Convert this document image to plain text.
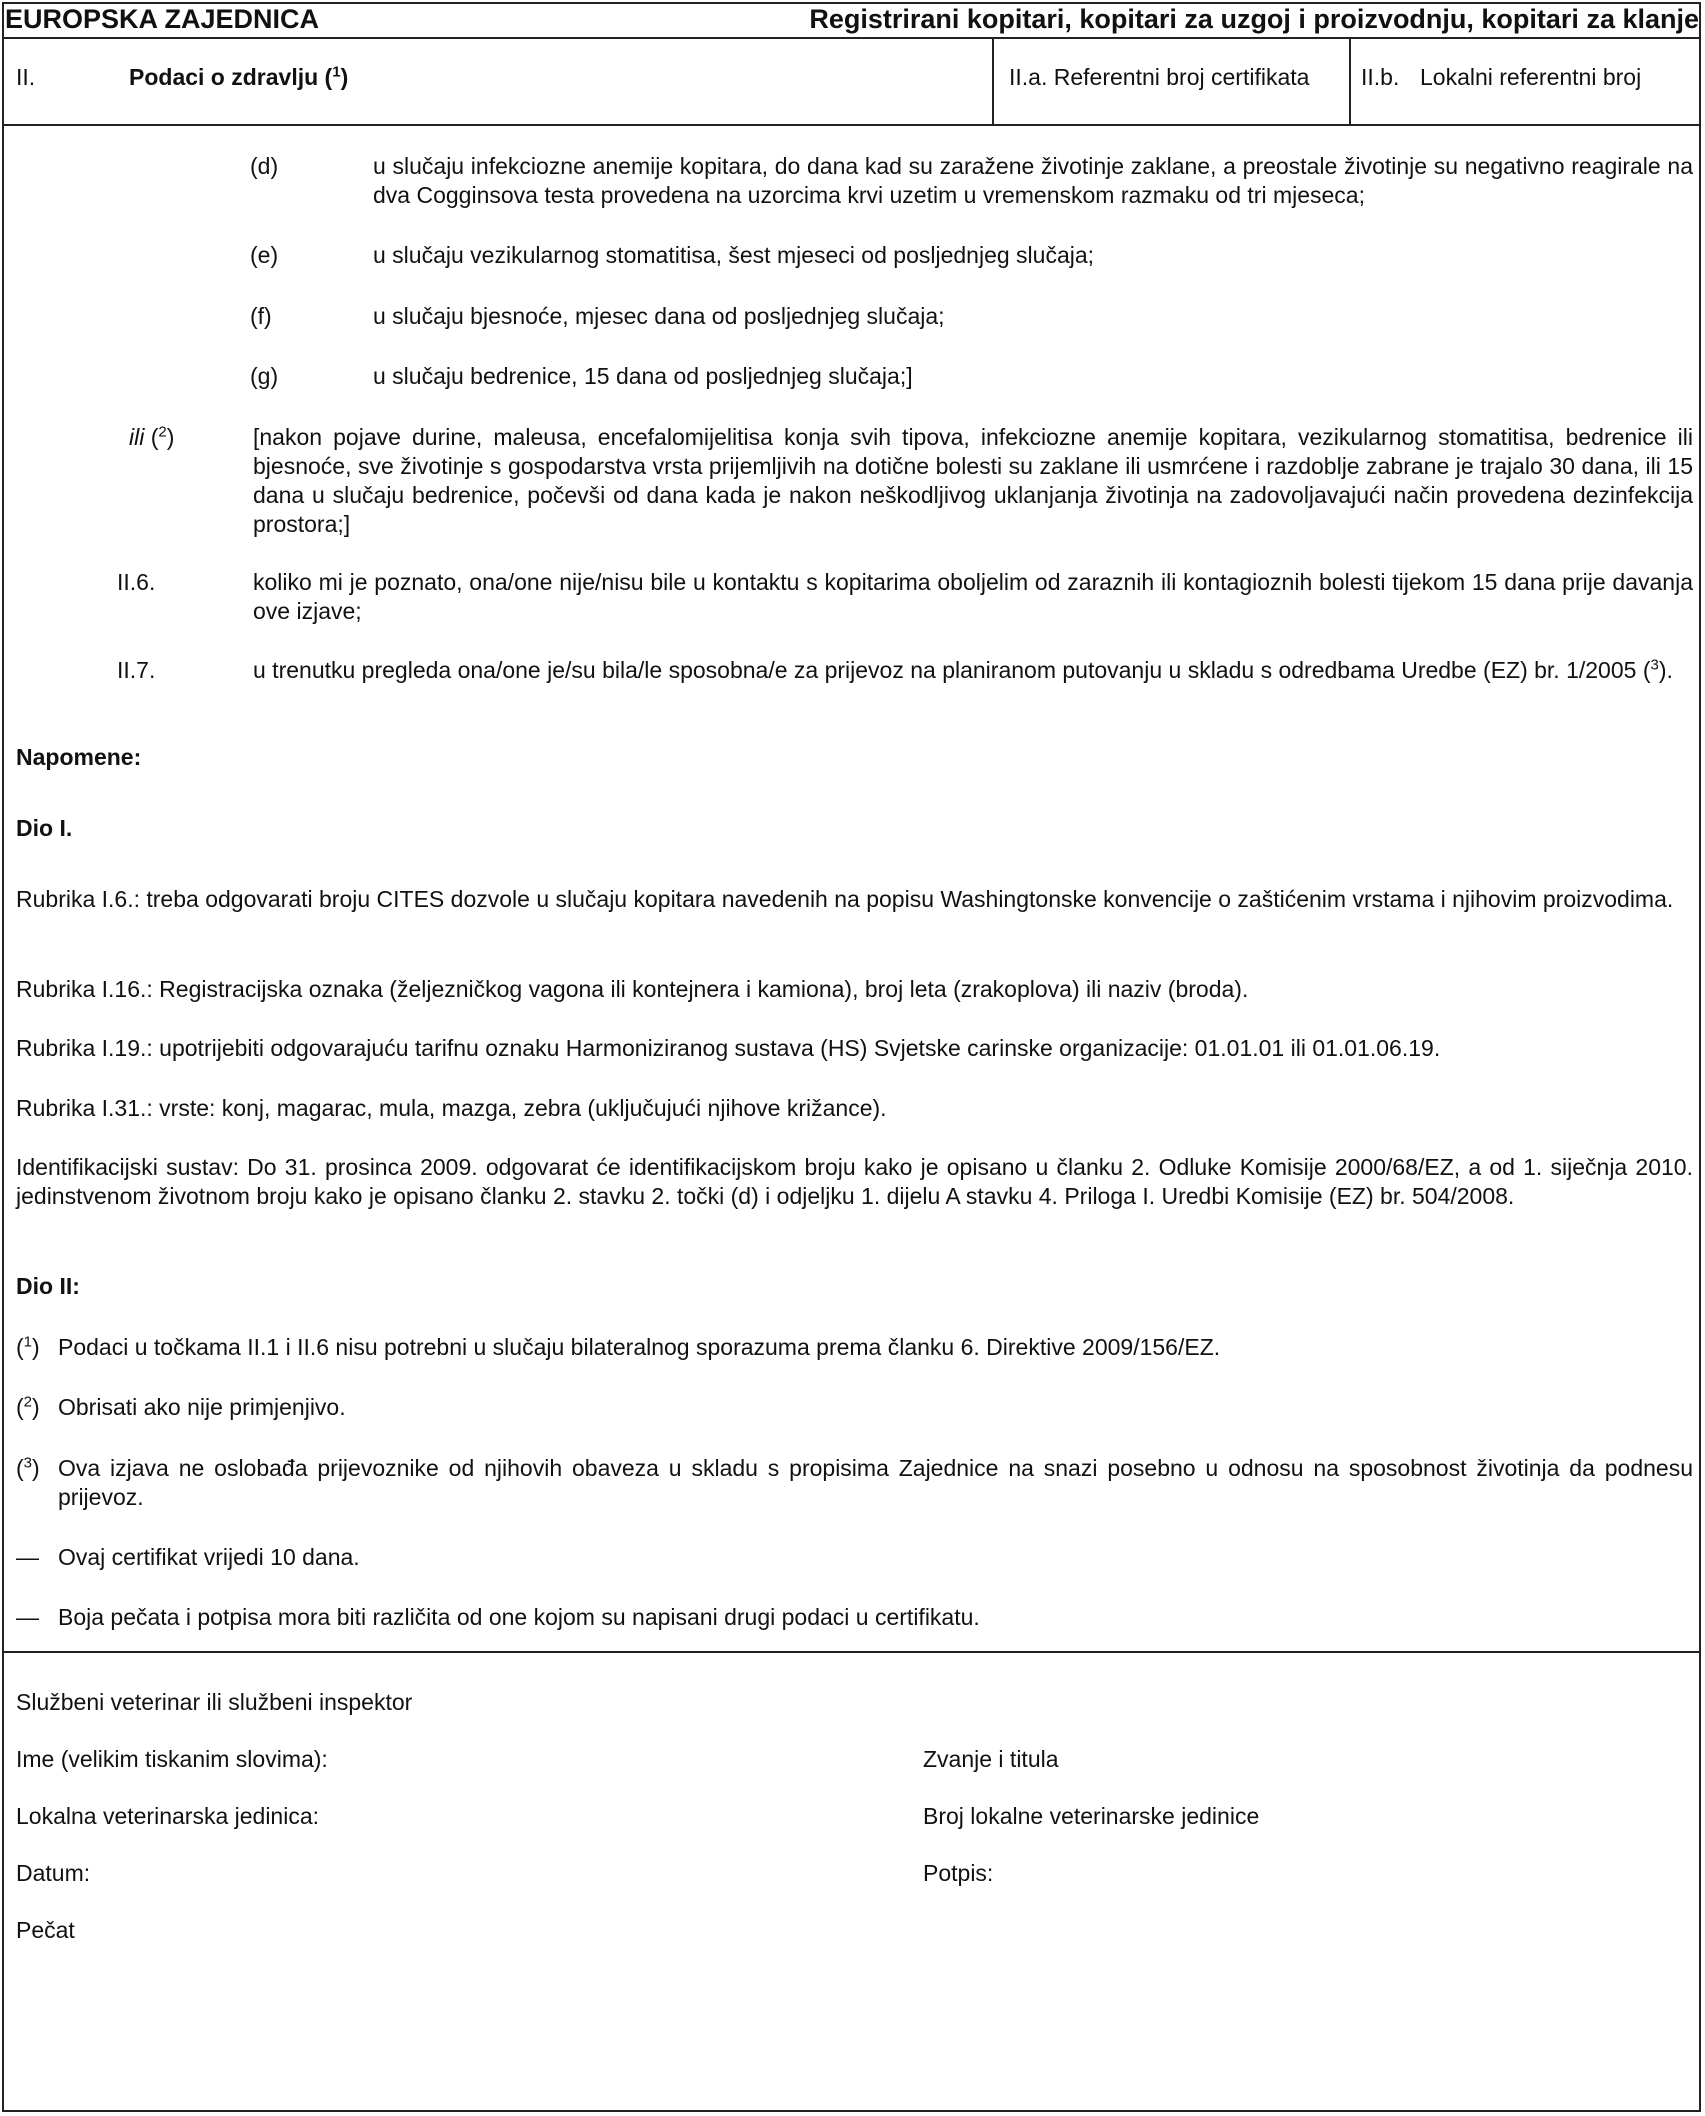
EUROPSKA ZAJEDNICA	Registrirani kopitari, kopitari za uzgoj i proizvodnju, kopitari za klanje
II.	Podaci o zdravlju ($^1$)	II.a. Referentni broj certifikata II.b. Lokalni referentni broj
(d)	u slučaju infekciozne anemije kopitara, do dana kad su zaražene životinje zaklane, a preostale životinje su negativno reagirale na dva Cogginsova testa provedena na uzorcima krvi uzetim u vremenskom razmaku od tri mjeseca;
(e)	u slučaju vezikularnog stomatitisa, šest mjeseci od posljednjeg slučaja;
(f)	u slučaju bjesnoće, mjesec dana od posljednjeg slučaja;
(g)	u slučaju bedrenice, 15 dana od posljednjeg slučaja;]
ili ($^2$)	[nakon pojave durine, maleusa, encefalomijelitisa konja svih tipova, infekciozne anemije kopitara, vezikularnog stomatitisa, bedrenice ili bjesnoće, sve životinje s gospodarstva vrsta prijemljivih na dotične bolesti su zaklane ili usmrćene i razdoblje zabrane je trajalo 30 dana, ili 15 dana u slučaju bedrenice, počevši od dana kada je nakon neškodljivog uklanjanja životinja na zadovoljavajući način provedena dezinfekcija prostora;]
II.6.	koliko mi je poznato, ona/one nije/nisu bile u kontaktu s kopitarima oboljelim od zaraznih ili kontagioznih bolesti tijekom 15 dana prije davanja ove izjave;
II.7.	u trenutku pregleda ona/one je/su bila/le sposobna/e za prijevoz na planiranom putovanju u skladu s odredbama Uredbe (EZ) br. 1/2005 ($^3$).
Napomene:
Dio I.
Rubrika I.6.: treba odgovarati broju CITES dozvole u slučaju kopitara navedenih na popisu Washingtonske konvencije o zaštićenim vrstama i njihovim proizvodima.
Rubrika I.16.: Registracijska oznaka (željezničkog vagona ili kontejnera i kamiona), broj leta (zrakoplova) ili naziv (broda).
Rubrika I.19.: upotrijebiti odgovarajuću tarifnu oznaku Harmoniziranog sustava (HS) Svjetske carinske organizacije: 01.01.01 ili 01.01.06.19.
Rubrika I.31.: vrste: konj, magarac, mula, mazga, zebra (uključujući njihove križance).
Identifikacijski sustav: Do 31. prosinca 2009. odgovarat će identifikacijskom broju kako je opisano u članku 2. Odluke Komisije 2000/68/EZ, a od 1. siječnja 2010. jedinstvenom životnom broju kako je opisano članku 2. stavku 2. točki (d) i odjeljku 1. dijelu A stavku 4. Priloga I. Uredbi Komisije (EZ) br. 504/2008.
Dio II:
($^1$) Podaci u točkama II.1 i II.6 nisu potrebni u slučaju bilateralnog sporazuma prema članku 6. Direktive 2009/156/EZ.
($^2$) Obrisati ako nije primjenjivo.
($^3$) Ova izjava ne oslobađa prijevoznike od njihovih obaveza u skladu s propisima Zajednice na snazi posebno u odnosu na sposobnost životinja da podnesu prijevoz.
— Ovaj certifikat vrijedi 10 dana.
— Boja pečata i potpisa mora biti različita od one kojom su napisani drugi podaci u certifikatu.
Službeni veterinar ili službeni inspektor
Ime (velikim tiskanim slovima):	Zvanje i titula
Lokalna veterinarska jedinica:	Broj lokalne veterinarske jedinice
Datum:	Potpis:
Pečat
